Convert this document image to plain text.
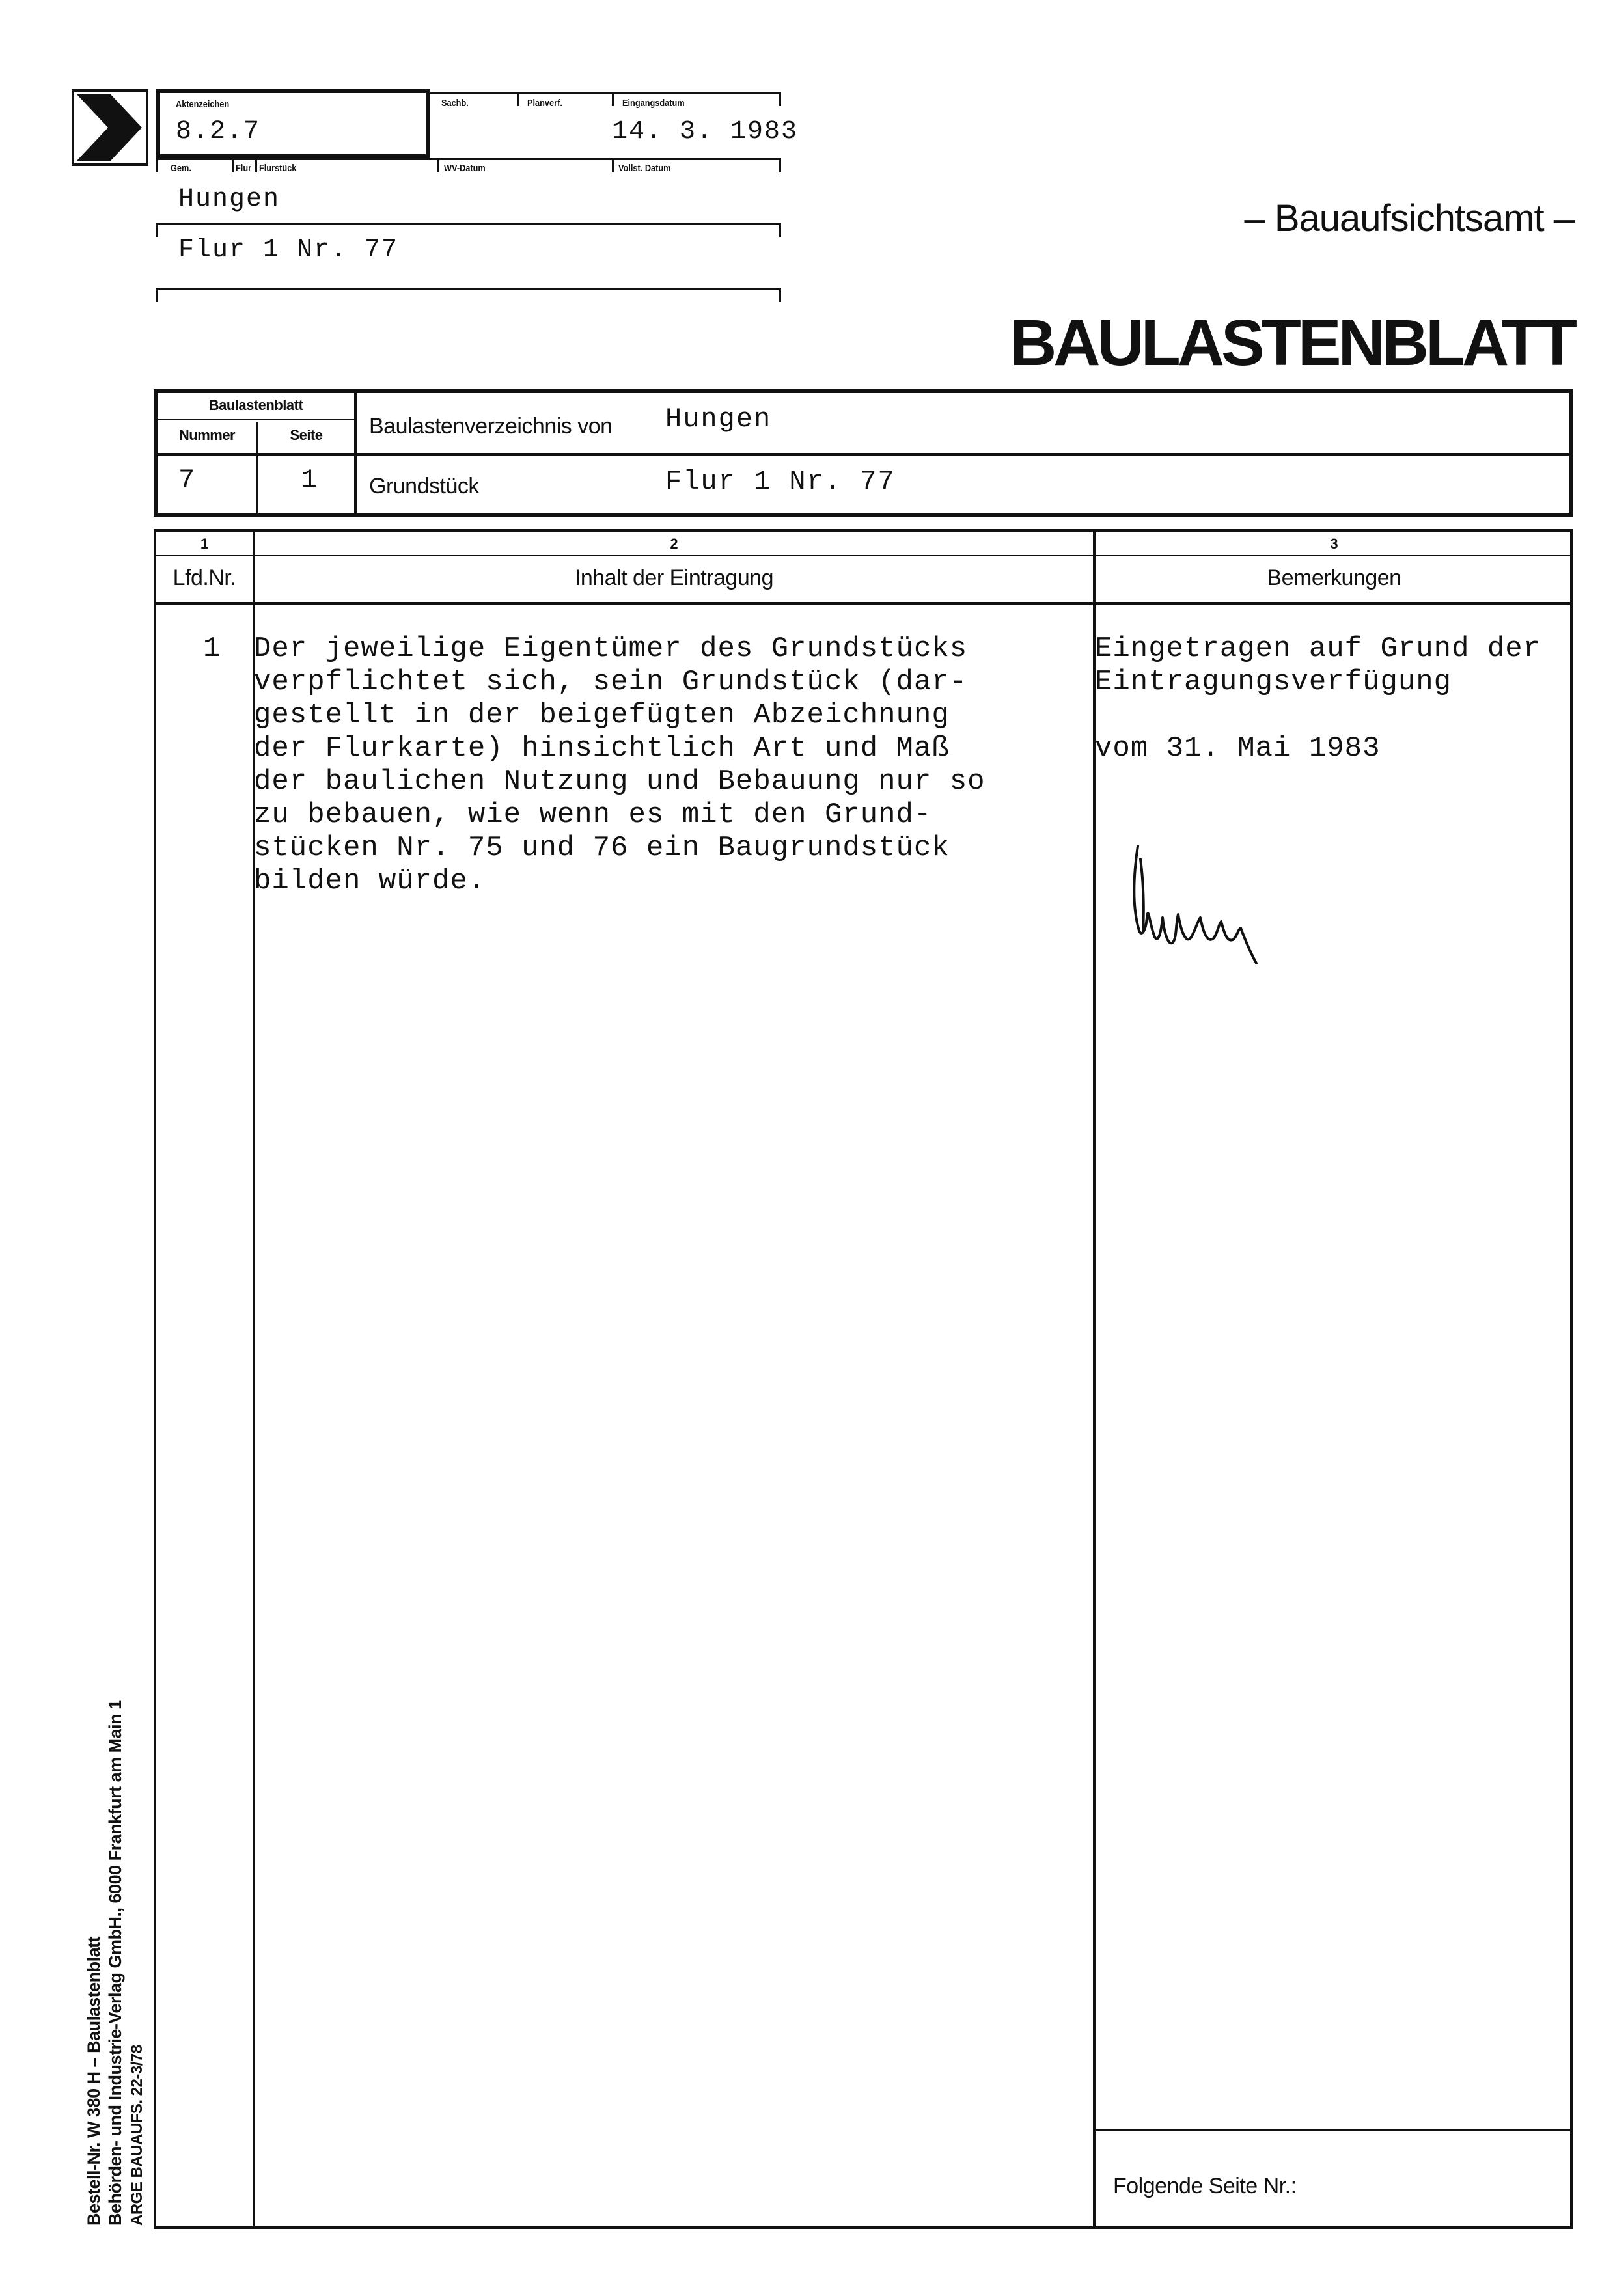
Aktenzeichen
8.2.7
Sachb.	Planverf.	Eingangsdatum
14. 3. 1983
Gem.	Flur Flurstück	WV-Datum	Vollst. Datum
Hungen
Flur 1 Nr. 77
– Bauaufsichtsamt –
BAULASTENBLATT
Baulastenblatt
Nummer	Seite
7	1
Baulastenverzeichnis von Hungen
Grundstück	Flur 1 Nr. 77
1	2	3
Lfd.Nr.	Inhalt der Eintragung	Bemerkungen
1 Der jeweilige Eigentümer des Grundstücks
verpflichtet sich, sein Grundstück (dar-
gestellt in der beigefügten Abzeichnung
der Flurkarte) hinsichtlich Art und Maß
der baulichen Nutzung und Bebauung nur so
zu bebauen, wie wenn es mit den Grund-
stücken Nr. 75 und 76 ein Baugrundstück
bilden würde.
Eingetragen auf Grund der
Eintragungsverfügung
vom 31. Mai 1983
Folgende Seite Nr.:
Bestell-Nr. W 380 H – Baulastenblatt Behörden- und Industrie-Verlag GmbH., 6000 Frankfurt am Main 1 ARGE BAUAUFS. 22-3/78
